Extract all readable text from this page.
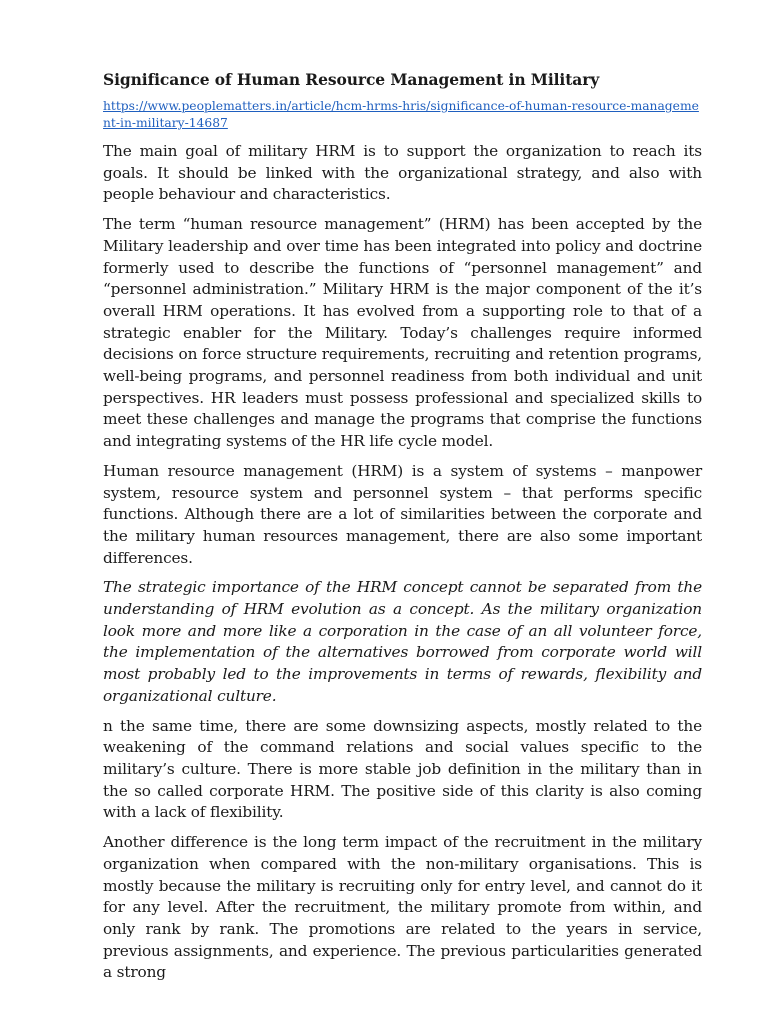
Significance of Human Resource Management in Military
https://www.peoplematters.in/article/hcm-hrms-hris/significance-of-human-resource-management-in-military-14687

The main goal of military HRM is to support the organization to reach its goals. It should be linked with the organizational strategy, and also with people behaviour and characteristics.

The term “human resource management” (HRM) has been accepted by the Military leadership and over time has been integrated into policy and doctrine formerly used to describe the functions of “personnel management” and “personnel administration.” Military HRM is the major component of the it’s overall HRM operations. It has evolved from a supporting role to that of a strategic enabler for the Military. Today’s challenges require informed decisions on force structure requirements, recruiting and retention programs, well-being programs, and personnel readiness from both individual and unit perspectives. HR leaders must possess professional and specialized skills to meet these challenges and manage the programs that comprise the functions and integrating systems of the HR life cycle model.

Human resource management (HRM) is a system of systems – manpower system, resource system and personnel system – that performs specific functions. Although there are a lot of similarities between the corporate and the military human resources management, there are also some important differences.

The strategic importance of the HRM concept cannot be separated from the understanding of HRM evolution as a concept. As the military organization look more and more like a corporation in the case of an all volunteer force, the implementation of the alternatives borrowed from corporate world will most probably led to the improvements in terms of rewards, flexibility and organizational culture.

n the same time, there are some downsizing aspects, mostly related to the weakening of the command relations and social values specific to the military’s culture. There is more stable job definition in the military than in the so called corporate HRM. The positive side of this clarity is also coming with a lack of flexibility.

Another difference is the long term impact of the recruitment in the military organization when compared with the non-military organisations. This is mostly because the military is recruiting only for entry level, and cannot do it for any level. After the recruitment, the military promote from within, and only rank by rank. The promotions are related to the years in service, previous assignments, and experience. The previous particularities generated a strong
